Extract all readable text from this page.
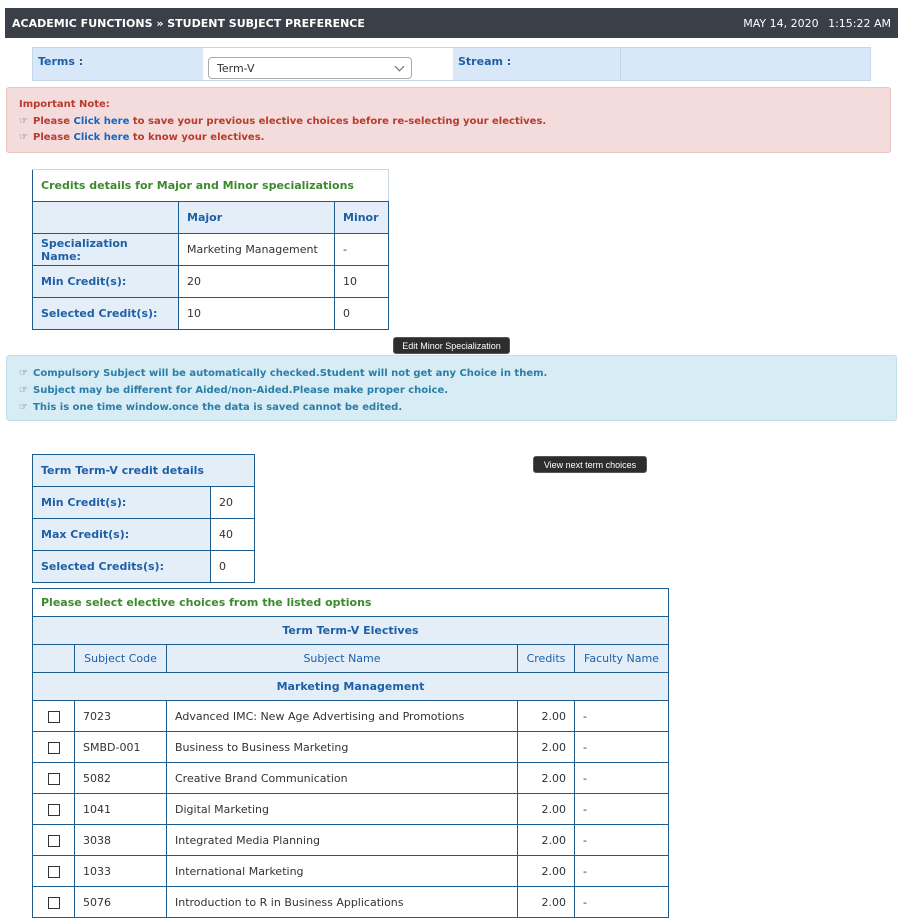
ACADEMIC FUNCTIONS » STUDENT SUBJECT PREFERENCE	MAY 14, 2020 1:15:22 AM
Terms :	Term-V	Stream :
Important Note:
☞ Please Click here to save your previous elective choices before re-selecting your electives.
☞ Please Click here to know your electives.
Credits details for Major and Minor specializations		
	Major	Minor
Specialization Name:	Marketing Management	-
Min Credit(s):	20	10
Selected Credit(s):	10	0
Edit Minor Specialization
☞ Compulsory Subject will be automatically checked.Student will not get any Choice in them.
☞ Subject may be different for Aided/non-Aided.Please make proper choice.
☞ This is one time window.once the data is saved cannot be edited.
Term Term-V credit details	
Min Credit(s):	20
Max Credit(s):	40
Selected Credits(s):	0
View next term choices
Please select elective choices from the listed options				
Term Term-V Electives				
	Subject Code	Subject Name	Credits	Faculty Name
Marketing Management				
	7023	Advanced IMC: New Age Advertising and Promotions	2.00	-
	SMBD-001	Business to Business Marketing	2.00	-
	5082	Creative Brand Communication	2.00	-
	1041	Digital Marketing	2.00	-
	3038	Integrated Media Planning	2.00	-
	1033	International Marketing	2.00	-
	5076	Introduction to R in Business Applications	2.00	-
